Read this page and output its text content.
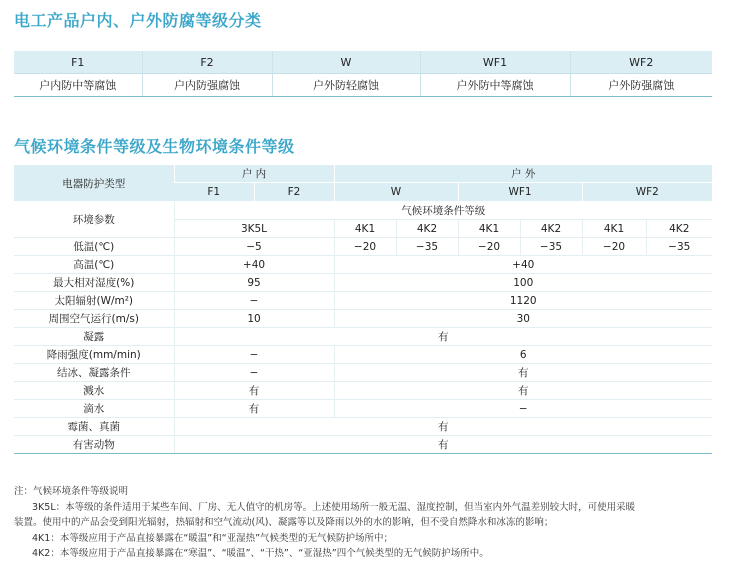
电工产品户内、户外防腐等级分类
F1	F2	W	WF1	WF2
户内防中等腐蚀	户内防强腐蚀	户外防轻腐蚀	户外防中等腐蚀	户外防强腐蚀
气候环境条件等级及生物环境条件等级
电器防护类型	户 内		户 外					
	F1	F2	W		WF1		WF2	
环境参数	气候环境条件等级							
	3K5L		4K1	4K2	4K1	4K2	4K1	4K2
低温(℃)	−5		−20	−35	−20	−35	−20	−35
高温(℃)	+40		+40					
最大相对湿度(%)	95		100					
太阳辐射(W/m²)	−		1120					
周围空气运行(m/s)	10		30					
凝露	有							
降雨强度(mm/min)	−		6					
结冰、凝露条件	−		有					
溅水	有		有					
滴水	有		−					
霉菌、真菌	有							
有害动物	有							

注：气候环境条件等级说明

3K5L：本等级的条件适用于某些车间、厂房、无人值守的机房等。上述使用场所一般无温、湿度控制，但当室内外气温差别较大时，可使用采暖

装置。使用中的产品会受到阳光辐射，热辐射和空气流动(风)、凝露等以及降雨以外的水的影响，但不受自然降水和冰冻的影响；

4K1：本等级应用于产品直接暴露在“暖温”和“亚湿热”气候类型的无气候防护场所中；

4K2：本等级应用于产品直接暴露在“寒温”、“暖温”、“干热”、“亚湿热”四个气候类型的无气候防护场所中。
